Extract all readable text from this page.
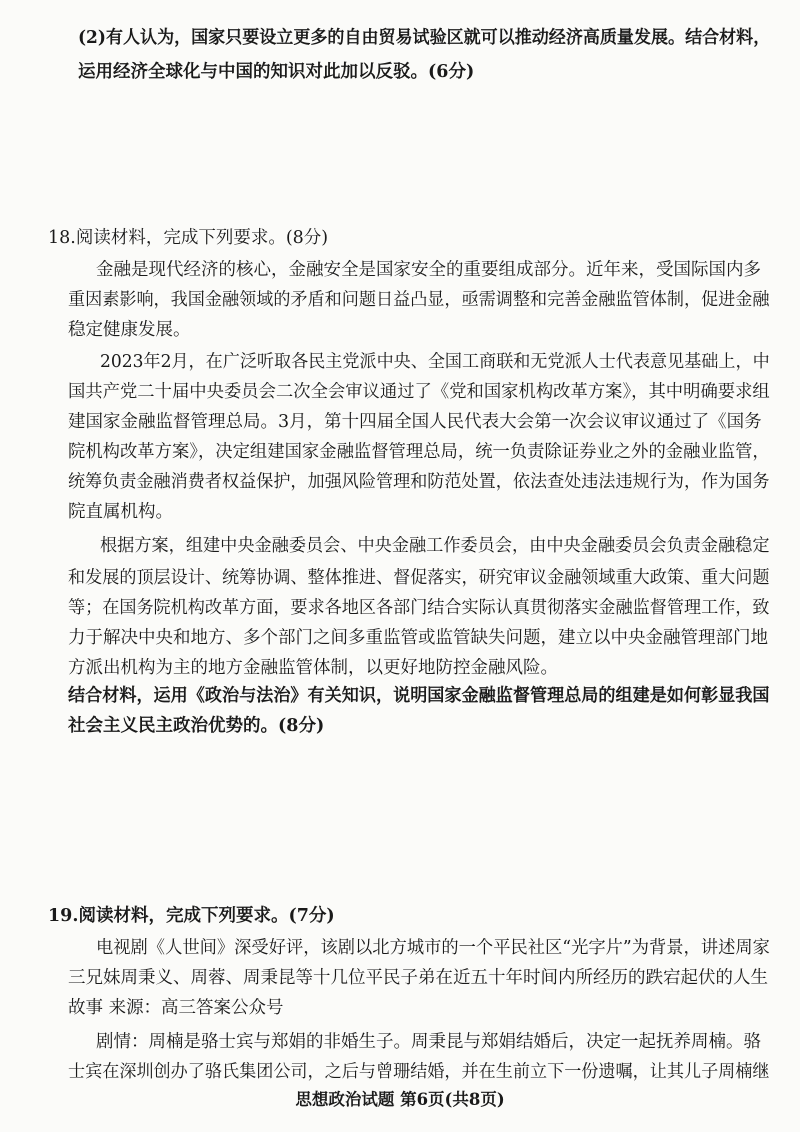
(2)有人认为，国家只要设立更多的自由贸易试验区就可以推动经济高质量发展。结合材料，
运用经济全球化与中国的知识对此加以反驳。(6分)
18.阅读材料，完成下列要求。(8分)
金融是现代经济的核心，金融安全是国家安全的重要组成部分。近年来，受国际国内多
重因素影响，我国金融领域的矛盾和问题日益凸显，亟需调整和完善金融监管体制，促进金融
稳定健康发展。
2023年2月，在广泛听取各民主党派中央、全国工商联和无党派人士代表意见基础上，中
国共产党二十届中央委员会二次全会审议通过了《党和国家机构改革方案》，其中明确要求组
建国家金融监督管理总局。3月，第十四届全国人民代表大会第一次会议审议通过了《国务
院机构改革方案》，决定组建国家金融监督管理总局，统一负责除证券业之外的金融业监管，
统筹负责金融消费者权益保护，加强风险管理和防范处置，依法查处违法违规行为，作为国务
院直属机构。
根据方案，组建中央金融委员会、中央金融工作委员会，由中央金融委员会负责金融稳定
和发展的顶层设计、统筹协调、整体推进、督促落实，研究审议金融领域重大政策、重大问题
等；在国务院机构改革方面，要求各地区各部门结合实际认真贯彻落实金融监督管理工作，致
力于解决中央和地方、多个部门之间多重监管或监管缺失问题，建立以中央金融管理部门地
方派出机构为主的地方金融监管体制，以更好地防控金融风险。
结合材料，运用《政治与法治》有关知识，说明国家金融监督管理总局的组建是如何彰显我国
社会主义民主政治优势的。(8分)
19.阅读材料，完成下列要求。(7分)
电视剧《人世间》深受好评，该剧以北方城市的一个平民社区“光字片”为背景，讲述周家
三兄妹周秉义、周蓉、周秉昆等十几位平民子弟在近五十年时间内所经历的跌宕起伏的人生
故事 来源：高三答案公众号
剧情：周楠是骆士宾与郑娟的非婚生子。周秉昆与郑娟结婚后，决定一起抚养周楠。骆
士宾在深圳创办了骆氏集团公司，之后与曾珊结婚，并在生前立下一份遗嘱，让其儿子周楠继
思想政治试题 第6页(共8页)
